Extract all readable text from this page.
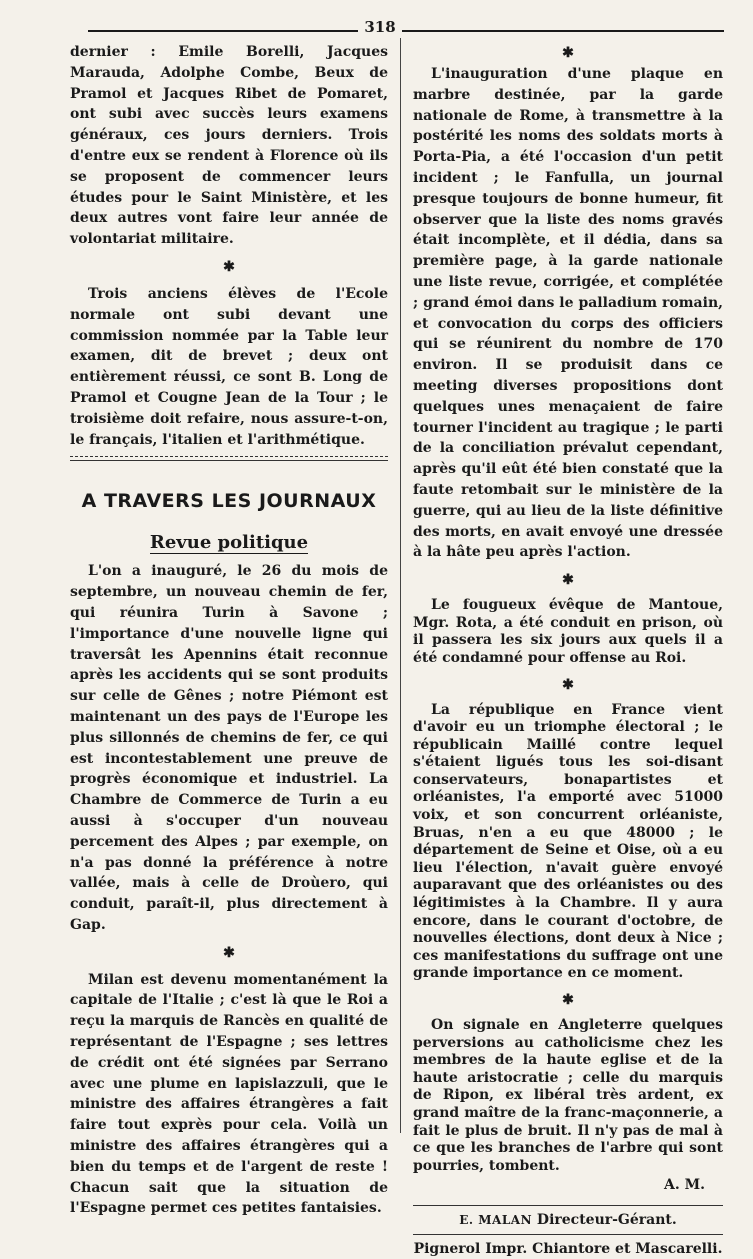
318

dernier : Emile Borelli, Jacques Marauda, Adolphe Combe, Beux de Pramol et Jacques Ribet de Pomaret, ont subi avec succès leurs examens généraux, ces jours derniers. Trois d'entre eux se rendent à Florence où ils se proposent de commencer leurs études pour le Saint Ministère, et les deux autres vont faire leur année de volontariat militaire.

✱

Trois anciens élèves de l'Ecole normale ont subi devant une commission nommée par la Table leur examen, dit de brevet ; deux ont entièrement réussi, ce sont B. Long de Pramol et Cougne Jean de la Tour ; le troisième doit refaire, nous assure-t-on, le français, l'italien et l'arithmétique.

A TRAVERS LES JOURNAUX
Revue politique

L'on a inauguré, le 26 du mois de septembre, un nouveau chemin de fer, qui réunira Turin à Savone ; l'importance d'une nouvelle ligne qui traversât les Apennins était reconnue après les accidents qui se sont produits sur celle de Gênes ; notre Piémont est maintenant un des pays de l'Europe les plus sillonnés de chemins de fer, ce qui est incontestablement une preuve de progrès économique et industriel. La Chambre de Commerce de Turin a eu aussi à s'occuper d'un nouveau percement des Alpes ; par exemple, on n'a pas donné la préférence à notre vallée, mais à celle de Droùero, qui conduit, paraît-il, plus directement à Gap.

✱

Milan est devenu momentanément la capitale de l'Italie ; c'est là que le Roi a reçu la marquis de Rancès en qualité de représentant de l'Espagne ; ses lettres de crédit ont été signées par Serrano avec une plume en lapislazzuli, que le ministre des affaires étrangères a fait faire tout exprès pour cela. Voilà un ministre des affaires étrangères qui a bien du temps et de l'argent de reste ! Chacun sait que la situation de l'Espagne permet ces petites fantaisies.

✱

L'inauguration d'une plaque en marbre destinée, par la garde nationale de Rome, à transmettre à la postérité les noms des soldats morts à Porta-Pia, a été l'occasion d'un petit incident ; le Fanfulla, un journal presque toujours de bonne humeur, fit observer que la liste des noms gravés était incomplète, et il dédia, dans sa première page, à la garde nationale une liste revue, corrigée, et complétée ; grand émoi dans le palladium romain, et convocation du corps des officiers qui se réunirent du nombre de 170 environ. Il se produisit dans ce meeting diverses propositions dont quelques unes menaçaient de faire tourner l'incident au tragique ; le parti de la conciliation prévalut cependant, après qu'il eût été bien constaté que la faute retombait sur le ministère de la guerre, qui au lieu de la liste définitive des morts, en avait envoyé une dressée à la hâte peu après l'action.

✱

Le fougueux évêque de Mantoue, Mgr. Rota, a été conduit en prison, où il passera les six jours aux quels il a été condamné pour offense au Roi.

✱

La république en France vient d'avoir eu un triomphe électoral ; le républicain Maillé contre lequel s'étaient ligués tous les soi-disant conservateurs, bonapartistes et orléanistes, l'a emporté avec 51000 voix, et son concurrent orléaniste, Bruas, n'en a eu que 48000 ; le département de Seine et Oise, où a eu lieu l'élection, n'avait guère envoyé auparavant que des orléanistes ou des légitimistes à la Chambre. Il y aura encore, dans le courant d'octobre, de nouvelles élections, dont deux à Nice ; ces manifestations du suffrage ont une grande importance en ce moment.

✱

On signale en Angleterre quelques perversions au catholicisme chez les membres de la haute eglise et de la haute aristocratie ; celle du marquis de Ripon, ex libéral très ardent, ex grand maître de la franc-maçonnerie, a fait le plus de bruit. Il n'y pas de mal à ce que les branches de l'arbre qui sont pourries, tombent.

A. M.
E. MALAN Directeur-Gérant.
Pignerol Impr. Chiantore et Mascarelli.
